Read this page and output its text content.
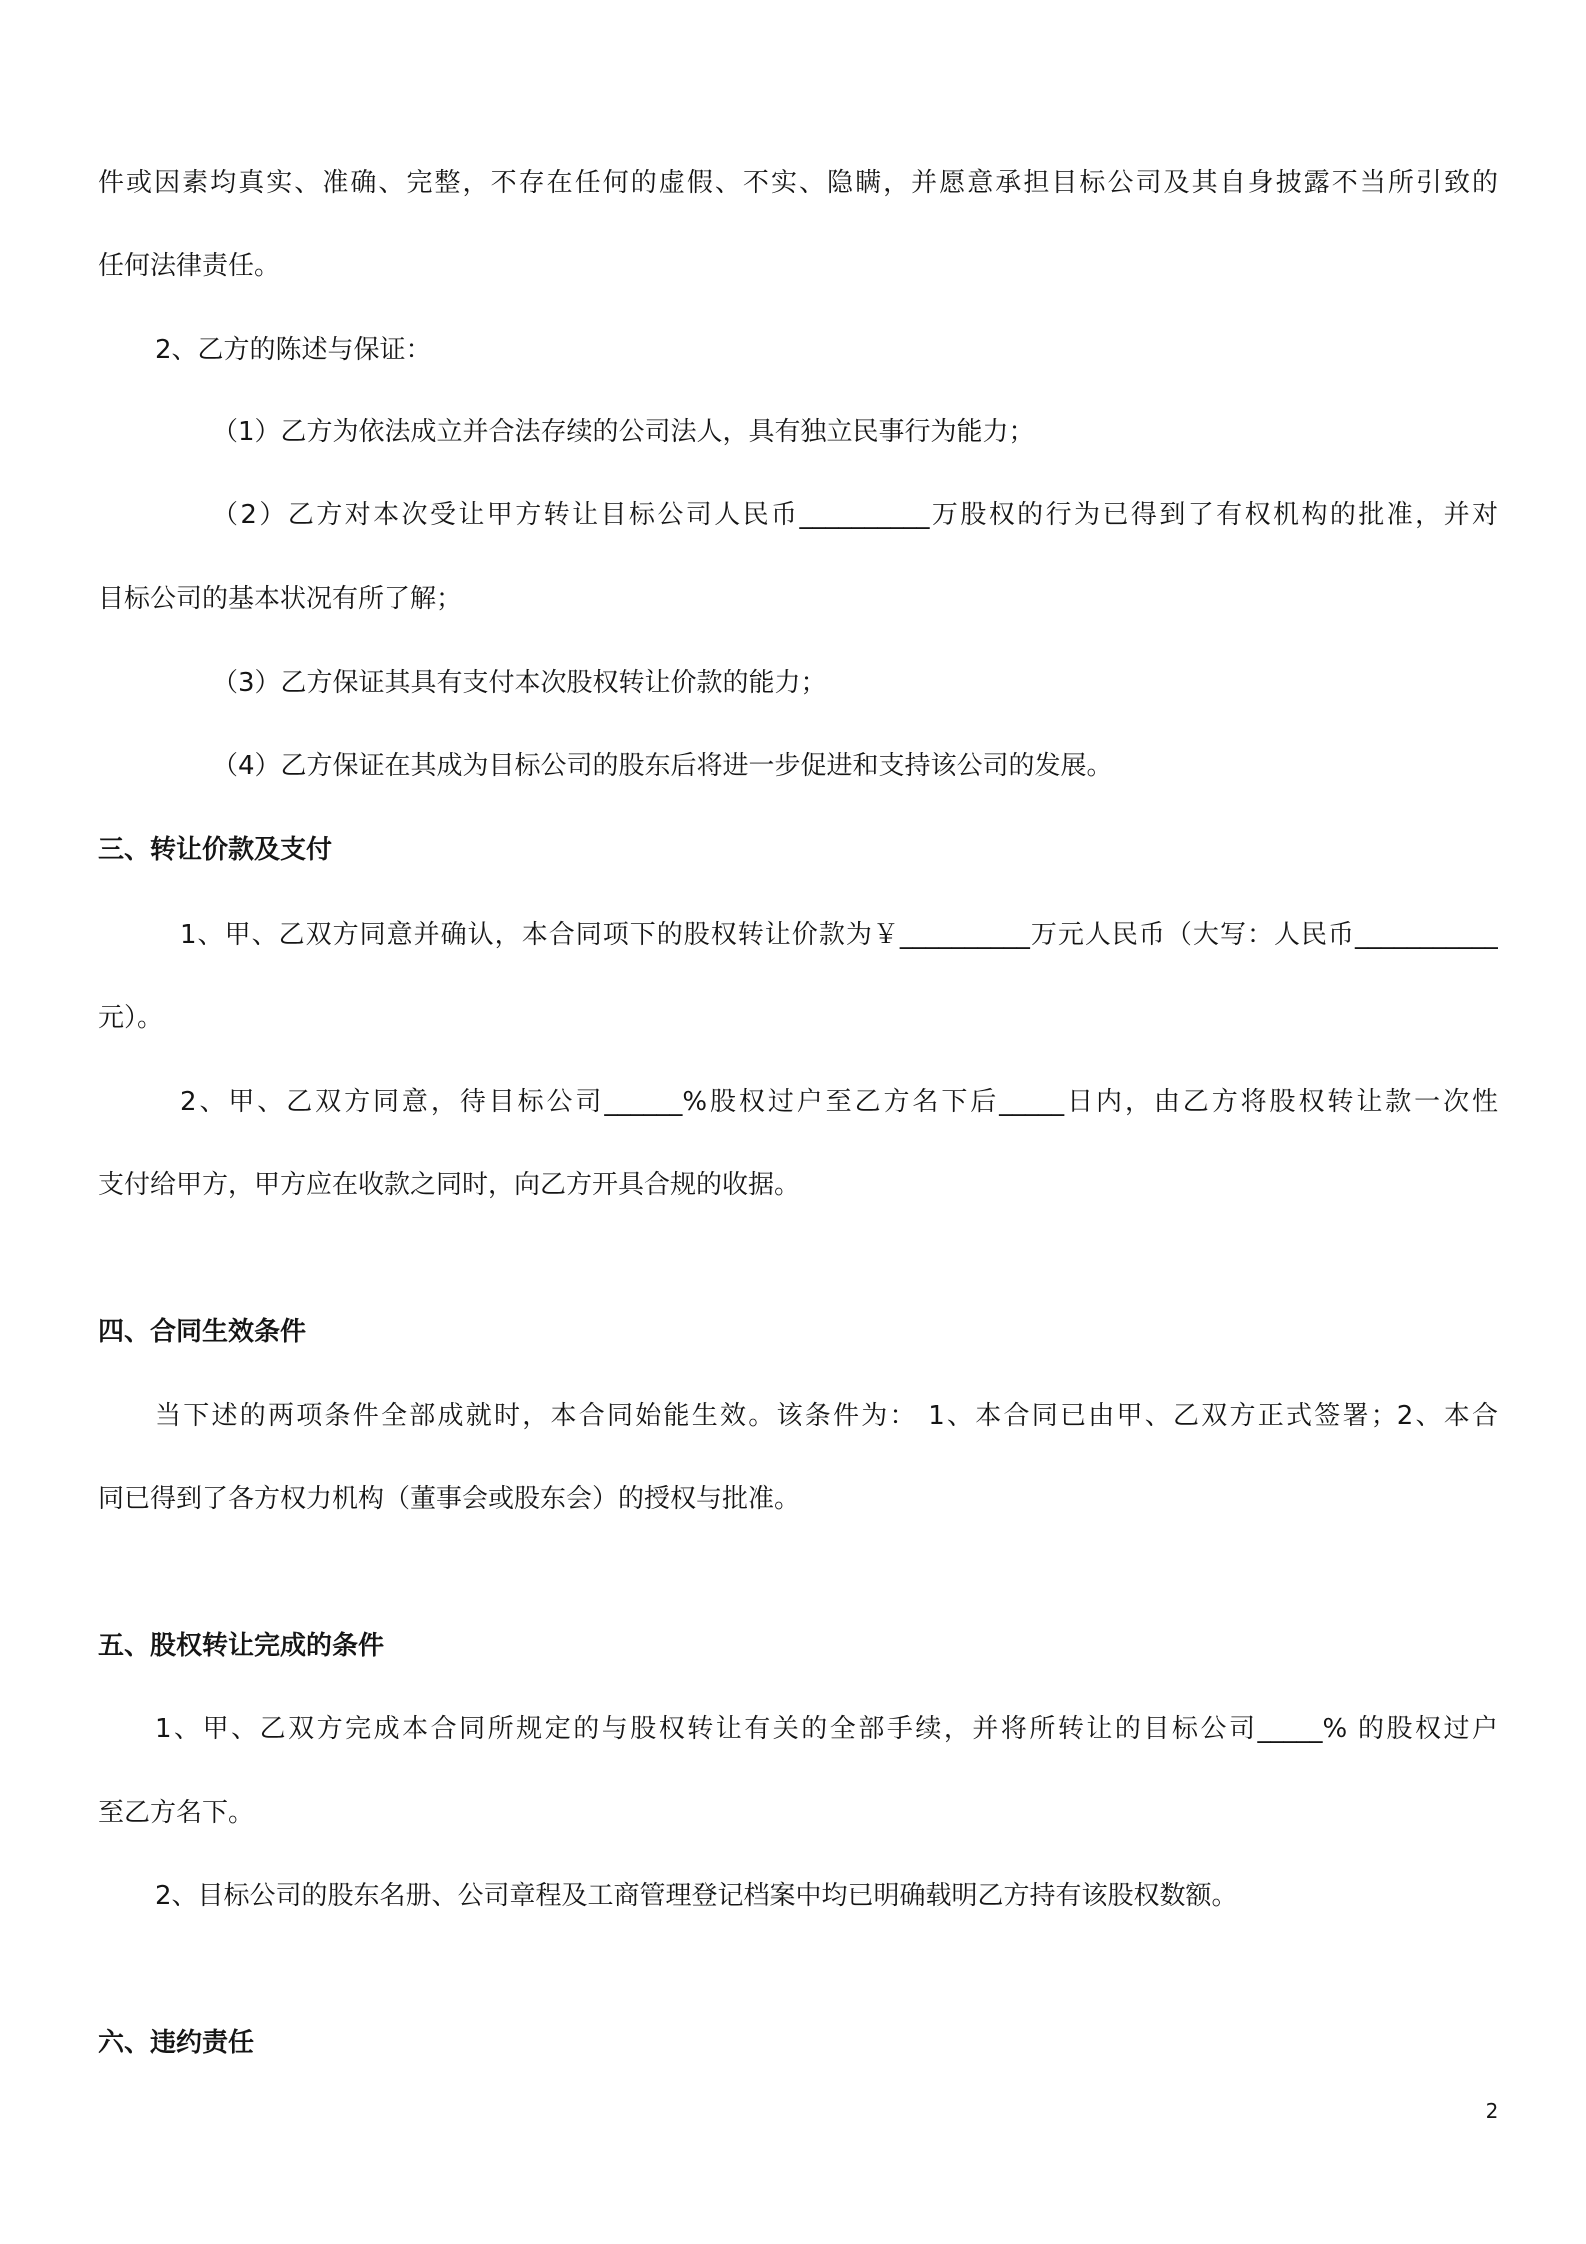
件或因素均真实、准确、完整，不存在任何的虚假、不实、隐瞒，并愿意承担目标公司及其自身披露不当所引致的
任何法律责任。
2、乙方的陈述与保证：
（1）乙方为依法成立并合法存续的公司法人，具有独立民事行为能力；
（2）乙方对本次受让甲方转让目标公司人民币__________万股权的行为已得到了有权机构的批准，并对
目标公司的基本状况有所了解；
（3）乙方保证其具有支付本次股权转让价款的能力；
（4）乙方保证在其成为目标公司的股东后将进一步促进和支持该公司的发展。
三、转让价款及支付
1、甲、乙双方同意并确认，本合同项下的股权转让价款为￥__________万元人民币（大写：人民币___________
元）。
2、甲、乙双方同意，待目标公司______%股权过户至乙方名下后_____日内，由乙方将股权转让款一次性
支付给甲方，甲方应在收款之同时，向乙方开具合规的收据。
四、合同生效条件
当下述的两项条件全部成就时，本合同始能生效。该条件为： 1、本合同已由甲、乙双方正式签署；2、本合
同已得到了各方权力机构（董事会或股东会）的授权与批准。
五、股权转让完成的条件
1、甲、乙双方完成本合同所规定的与股权转让有关的全部手续，并将所转让的目标公司_____% 的股权过户
至乙方名下。
2、目标公司的股东名册、公司章程及工商管理登记档案中均已明确载明乙方持有该股权数额。
六、违约责任
2
